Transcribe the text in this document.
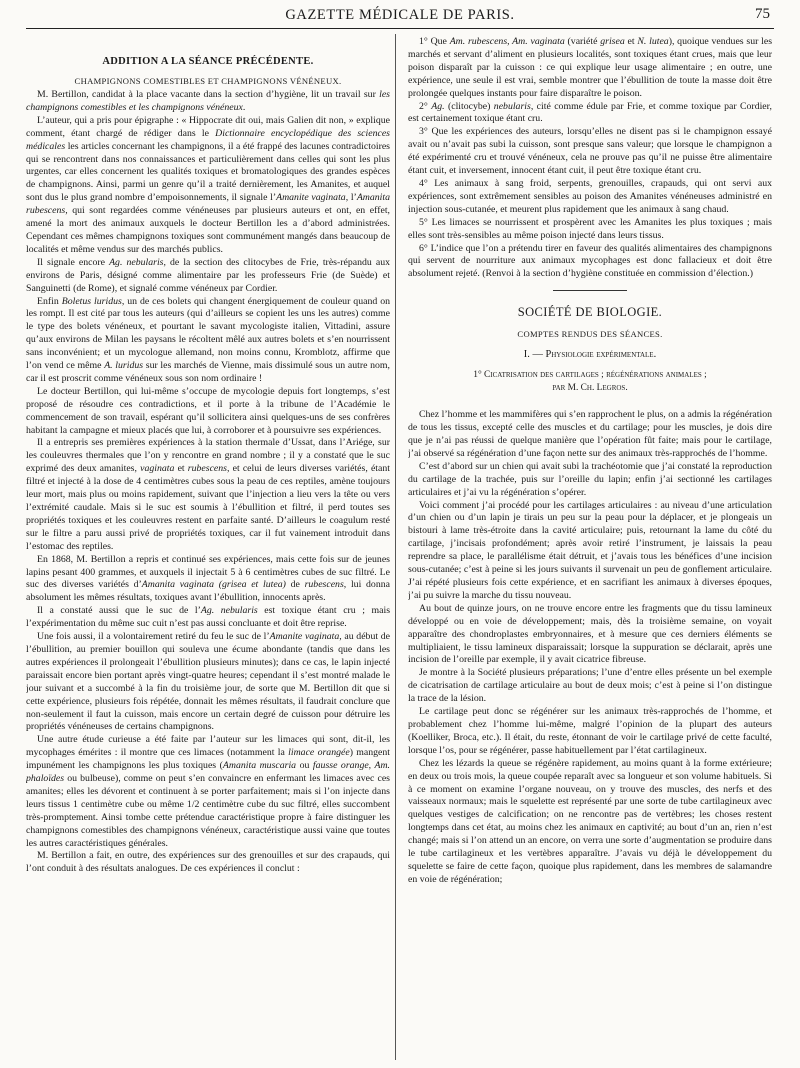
GAZETTE MÉDICALE DE PARIS.	75
ADDITION A LA SÉANCE PRÉCÉDENTE.
CHAMPIGNONS COMESTIBLES ET CHAMPIGNONS VÉNÉNEUX.

M. Bertillon, candidat à la place vacante dans la section d’hygiène, lit un travail sur les champignons comestibles et les champignons vénéneux.

L’auteur, qui a pris pour épigraphe : « Hippocrate dit oui, mais Galien dit non, » explique comment, étant chargé de rédiger dans le Dictionnaire encyclopédique des sciences médicales les articles concernant les champignons, il a été frappé des lacunes contradictoires qui se rencontrent dans nos connaissances et particulièrement dans celles qui sont les plus urgentes, car elles concernent les qualités toxiques et bromatologiques des grandes espèces de champignons. Ainsi, parmi un genre qu’il a traité dernièrement, les Amanites, et auquel sont dus le plus grand nombre d’empoisonnements, il signale l’Amanite vaginata, l’Amanita rubescens, qui sont regardées comme vénéneuses par plusieurs auteurs et ont, en effet, amené la mort des animaux auxquels le docteur Bertillon les a d’abord administrées. Cependant ces mêmes champignons toxiques sont communément mangés dans beaucoup de localités et même vendus sur des marchés publics.

Il signale encore Ag. nebularis, de la section des clitocybes de Frie, très-répandu aux environs de Paris, désigné comme alimentaire par les professeurs Frie (de Suède) et Sanguinetti (de Rome), et signalé comme vénéneux par Cordier.

Enfin Boletus luridus, un de ces bolets qui changent énergiquement de couleur quand on les rompt. Il est cité par tous les auteurs (qui d’ailleurs se copient les uns les autres) comme le type des bolets vénéneux, et pourtant le savant mycologiste italien, Vittadini, assure qu’aux environs de Milan les paysans le récoltent mêlé aux autres bolets et s’en nourrissent sans inconvénient; et un mycologue allemand, non moins connu, Kromblotz, affirme que l’on vend ce même A. luridus sur les marchés de Vienne, mais dissimulé sous un autre nom, car il est proscrit comme vénéneux sous son nom ordinaire !

Le docteur Bertillon, qui lui-même s’occupe de mycologie depuis fort longtemps, s’est proposé de résoudre ces contradictions, et il porte à la tribune de l’Académie le commencement de son travail, espérant qu’il sollicitera ainsi quelques-uns de ses confrères habitant la campagne et mieux placés que lui, à corroborer et à poursuivre ses expériences.

Il a entrepris ses premières expériences à la station thermale d’Ussat, dans l’Ariége, sur les couleuvres thermales que l’on y rencontre en grand nombre ; il y a constaté que le suc exprimé des deux amanites, vaginata et rubescens, et celui de leurs diverses variétés, étant filtré et injecté à la dose de 4 centimètres cubes sous la peau de ces reptiles, amène toujours leur mort, mais plus ou moins rapidement, suivant que l’injection a lieu vers la tête ou vers l’extrémité caudale. Mais si le suc est soumis à l’ébullition et filtré, il perd toutes ses propriétés toxiques et les couleuvres restent en parfaite santé. D’ailleurs le coagulum resté sur le filtre a paru aussi privé de propriétés toxiques, car il fut vainement introduit dans l’estomac des reptiles.

En 1868, M. Bertillon a repris et continué ses expériences, mais cette fois sur de jeunes lapins pesant 400 grammes, et auxquels il injectait 5 à 6 centimètres cubes de suc filtré. Le suc des diverses variétés d’Amanita vaginata (grisea et lutea) de rubescens, lui donna absolument les mêmes résultats, toxiques avant l’ébullition, innocents après.

Il a constaté aussi que le suc de l’Ag. nebularis est toxique étant cru ; mais l’expérimentation du même suc cuit n’est pas aussi concluante et doit être reprise.

Une fois aussi, il a volontairement retiré du feu le suc de l’Amanite vaginata, au début de l’ébullition, au premier bouillon qui souleva une écume abondante (tandis que dans les autres expériences il prolongeait l’ébullition plusieurs minutes); dans ce cas, le lapin injecté paraissait encore bien portant après vingt-quatre heures; cependant il s’est montré malade le jour suivant et a succombé à la fin du troisième jour, de sorte que M. Bertillon dit que si cette expérience, plusieurs fois répétée, donnait les mêmes résultats, il faudrait conclure que non-seulement il faut la cuisson, mais encore un certain degré de cuisson pour détruire les propriétés vénéneuses de certains champignons.

Une autre étude curieuse a été faite par l’auteur sur les limaces qui sont, dit-il, les mycophages émérites : il montre que ces limaces (notamment la limace orangée) mangent impunément les champignons les plus toxiques (Amanita muscaria ou fausse orange, Am. phaloïdes ou bulbeuse), comme on peut s’en convaincre en enfermant les limaces avec ces amanites; elles les dévorent et continuent à se porter parfaitement; mais si l’on injecte dans leurs tissus 1 centimètre cube ou même 1/2 centimètre cube du suc filtré, elles succombent très-promptement. Ainsi tombe cette prétendue caractéristique propre à faire distinguer les champignons comestibles des champignons vénéneux, caractéristique aussi vaine que toutes les autres caractéristiques générales.

M. Bertillon a fait, en outre, des expériences sur des grenouilles et sur des crapauds, qui l’ont conduit à des résultats analogues. De ces expériences il conclut :

1° Que Am. rubescens, Am. vaginata (variété grisea et N. lutea), quoique vendues sur les marchés et servant d’aliment en plusieurs localités, sont toxiques étant crues, mais que leur poison disparaît par la cuisson : ce qui explique leur usage alimentaire ; en outre, une expérience, une seule il est vrai, semble montrer que l’ébullition de toute la masse doit être prolongée quelques instants pour faire disparaître le poison.

2° Ag. (clitocybe) nebularis, cité comme édule par Frie, et comme toxique par Cordier, est certainement toxique étant cru.

3° Que les expériences des auteurs, lorsqu’elles ne disent pas si le champignon essayé avait ou n’avait pas subi la cuisson, sont presque sans valeur; que lorsque le champignon a été expérimenté cru et trouvé vénéneux, cela ne prouve pas qu’il ne puisse être alimentaire étant cuit, et inversement, innocent étant cuit, il peut être toxique étant cru.

4° Les animaux à sang froid, serpents, grenouilles, crapauds, qui ont servi aux expériences, sont extrêmement sensibles au poison des Amanites vénéneuses administré en injection sous-cutanée, et meurent plus rapidement que les animaux à sang chaud.

5° Les limaces se nourrissent et prospèrent avec les Amanites les plus toxiques ; mais elles sont très-sensibles au même poison injecté dans leurs tissus.

6° L’indice que l’on a prétendu tirer en faveur des qualités alimentaires des champignons qui servent de nourriture aux animaux mycophages est donc fallacieux et doit être absolument rejeté. (Renvoi à la section d’hygiène constituée en commission d’élection.)

SOCIÉTÉ DE BIOLOGIE.
COMPTES RENDUS DES SÉANCES.
I. — Physiologie expérimentale.
1° Cicatrisation des cartilages ; régénérations animales ;
par M. Ch. Legros.

Chez l’homme et les mammifères qui s’en rapprochent le plus, on a admis la régénération de tous les tissus, excepté celle des muscles et du cartilage; pour les muscles, je dois dire que je n’ai pas réussi de quelque manière que l’opération fût faite; mais pour le cartilage, j’ai observé sa régénération d’une façon nette sur des animaux très-rapprochés de l’homme.

C’est d’abord sur un chien qui avait subi la trachéotomie que j’ai constaté la reproduction du cartilage de la trachée, puis sur l’oreille du lapin; enfin j’ai sectionné les cartilages articulaires et j’ai vu la régénération s’opérer.

Voici comment j’ai procédé pour les cartilages articulaires : au niveau d’une articulation d’un chien ou d’un lapin je tirais un peu sur la peau pour la déplacer, et je plongeais un bistouri à lame très-étroite dans la cavité articulaire; puis, retournant la lame du côté du cartilage, j’incisais profondément; après avoir retiré l’instrument, je laissais la peau reprendre sa place, le parallélisme était détruit, et j’avais tous les bénéfices d’une incision sous-cutanée; c’est à peine si les jours suivants il survenait un peu de gonflement articulaire. J’ai répété plusieurs fois cette expérience, et en sacrifiant les animaux à diverses époques, j’ai pu suivre la marche du tissu nouveau.

Au bout de quinze jours, on ne trouve encore entre les fragments que du tissu lamineux développé ou en voie de développement; mais, dès la troisième semaine, on voyait apparaître des chondroplastes embryonnaires, et à mesure que ces derniers éléments se multipliaient, le tissu lamineux disparaissait; lorsque la suppuration se déclarait, après une incision de l’oreille par exemple, il y avait cicatrice fibreuse.

Je montre à la Société plusieurs préparations; l’une d’entre elles présente un bel exemple de cicatrisation de cartilage articulaire au bout de deux mois; c’est à peine si l’on distingue la trace de la lésion.

Le cartilage peut donc se régénérer sur les animaux très-rapprochés de l’homme, et probablement chez l’homme lui-même, malgré l’opinion de la plupart des auteurs (Koelliker, Broca, etc.). Il était, du reste, étonnant de voir le cartilage privé de cette faculté, lorsque l’os, pour se régénérer, passe habituellement par l’état cartilagineux.

Chez les lézards la queue se régénère rapidement, au moins quant à la forme extérieure; en deux ou trois mois, la queue coupée reparaît avec sa longueur et son volume habituels. Si à ce moment on examine l’organe nouveau, on y trouve des muscles, des nerfs et des vaisseaux normaux; mais le squelette est représenté par une sorte de tube cartilagineux avec quelques vestiges de calcification; on ne rencontre pas de vertèbres; les choses restent longtemps dans cet état, au moins chez les animaux en captivité; au bout d’un an, rien n’est changé; mais si l’on attend un an encore, on verra une sorte d’augmentation se produire dans le tube cartilagineux et les vertèbres apparaître. J’avais vu déjà le développement du squelette se faire de cette façon, quoique plus rapidement, dans les membres de salamandre en voie de régénération;
